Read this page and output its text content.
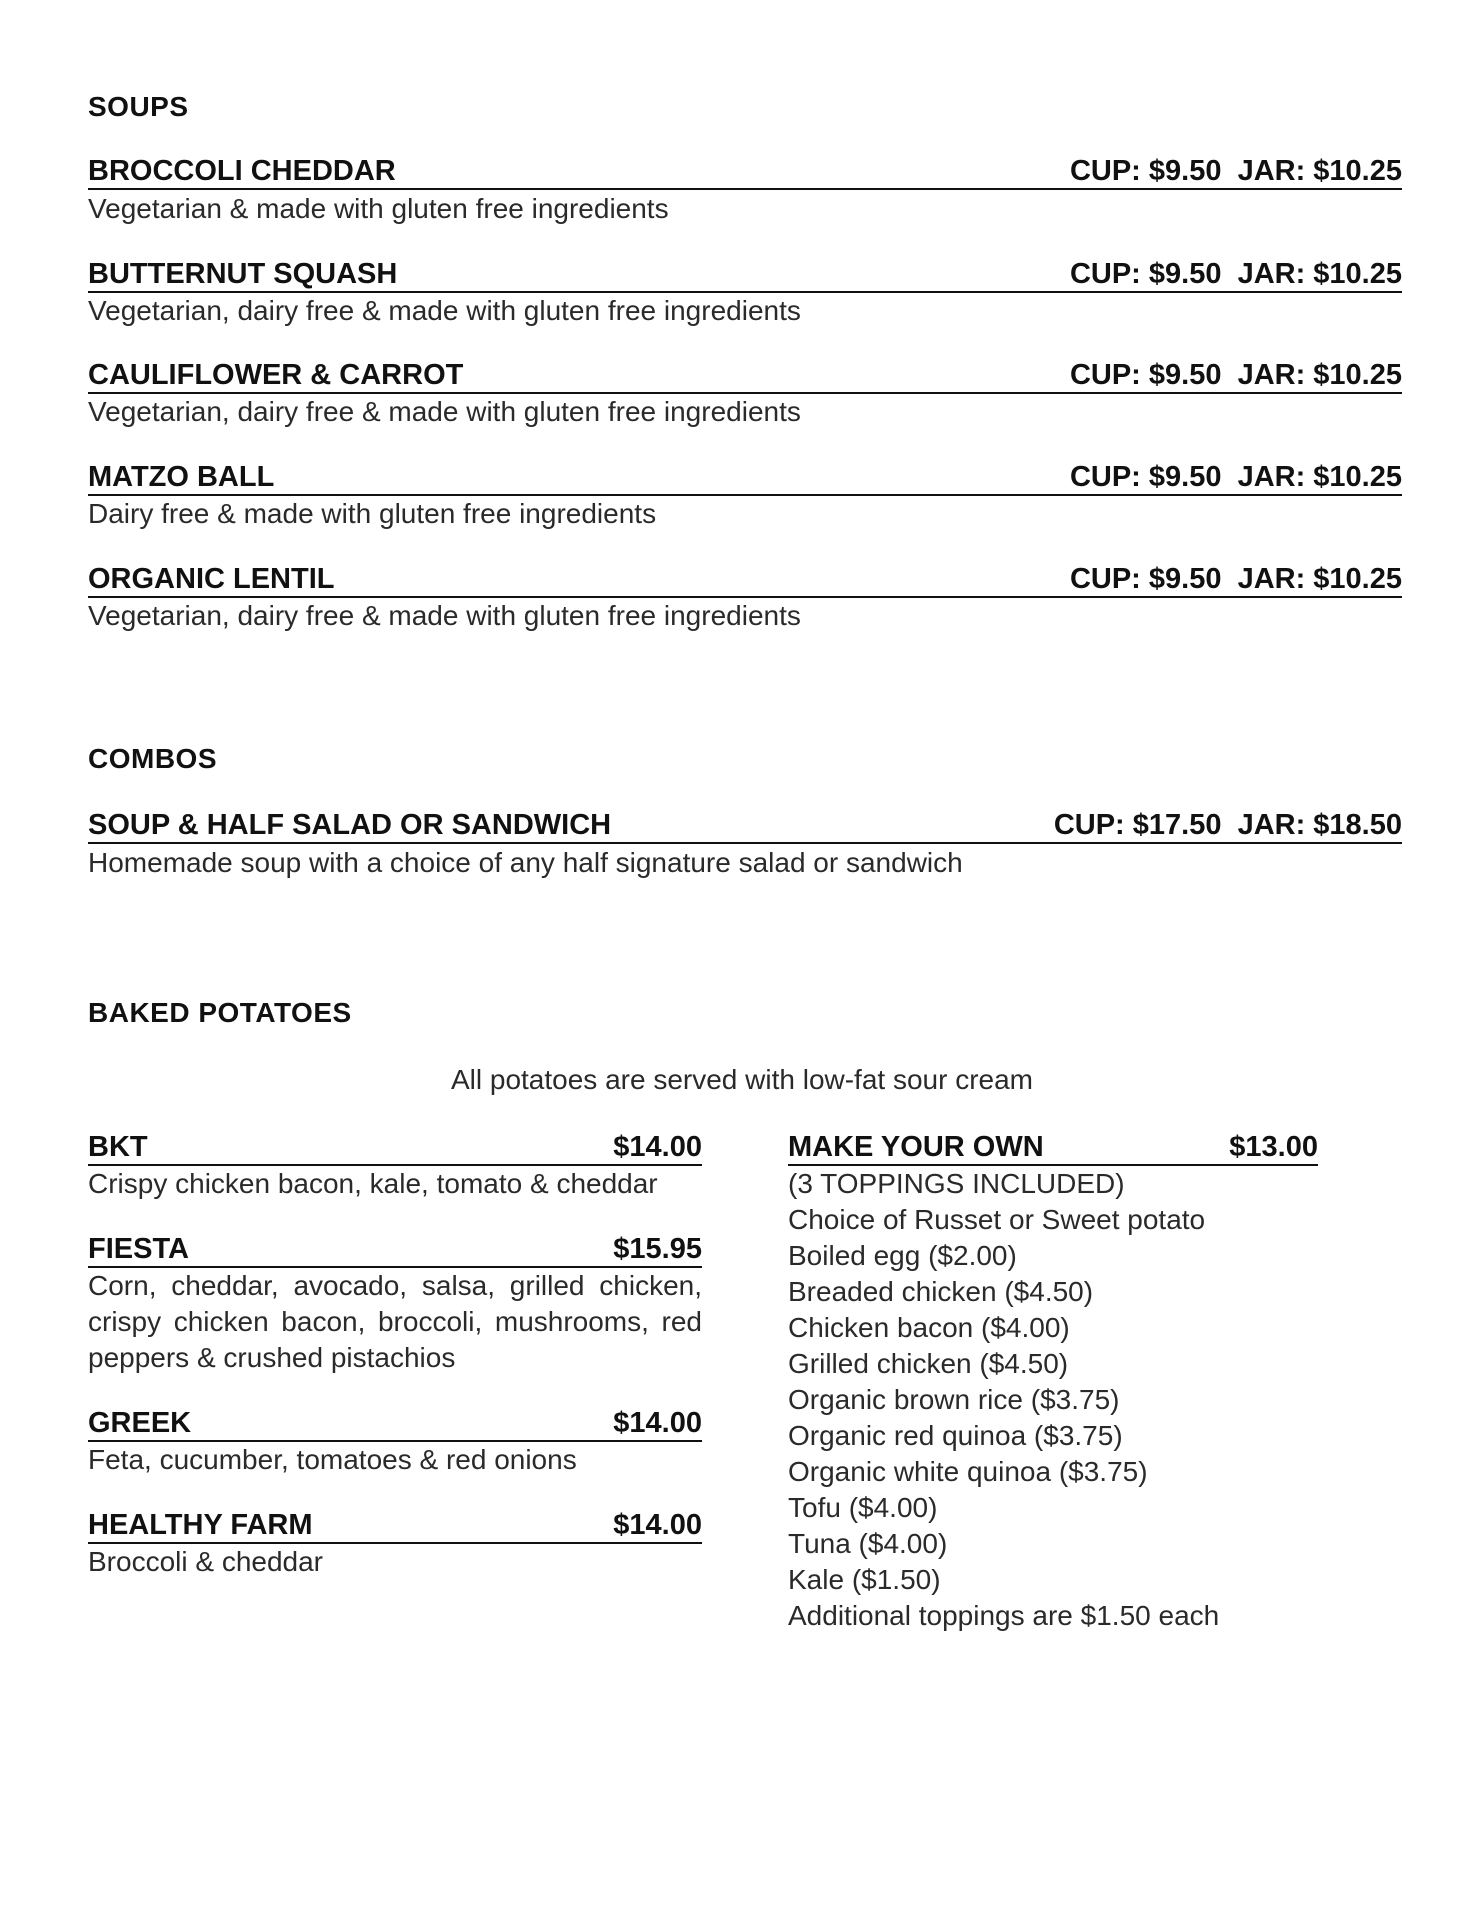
SOUPS
BROCCOLI CHEDDAR	CUP: $9.50  JAR: $10.25
Vegetarian & made with gluten free ingredients
BUTTERNUT SQUASH	CUP: $9.50  JAR: $10.25
Vegetarian, dairy free & made with gluten free ingredients
CAULIFLOWER & CARROT	CUP: $9.50  JAR: $10.25
Vegetarian, dairy free & made with gluten free ingredients
MATZO BALL	CUP: $9.50  JAR: $10.25
Dairy free & made with gluten free ingredients
ORGANIC LENTIL	CUP: $9.50  JAR: $10.25
Vegetarian, dairy free & made with gluten free ingredients
COMBOS
SOUP & HALF SALAD OR SANDWICH	CUP: $17.50  JAR: $18.50
Homemade soup with a choice of any half signature salad or sandwich
BAKED POTATOES
All potatoes are served with low-fat sour cream
BKT	$14.00
Crispy chicken bacon, kale, tomato & cheddar
FIESTA	$15.95
Corn, cheddar, avocado, salsa, grilled chicken, crispy chicken bacon, broccoli, mushrooms, red peppers & crushed pistachios
GREEK	$14.00
Feta, cucumber, tomatoes & red onions
HEALTHY FARM	$14.00
Broccoli & cheddar
MAKE YOUR OWN	$13.00
(3 TOPPINGS INCLUDED)
Choice of Russet or Sweet potato
Boiled egg ($2.00)
Breaded chicken ($4.50)
Chicken bacon ($4.00)
Grilled chicken ($4.50)
Organic brown rice ($3.75)
Organic red quinoa ($3.75)
Organic white quinoa ($3.75)
Tofu ($4.00)
Tuna ($4.00)
Kale ($1.50)
Additional toppings are $1.50 each
